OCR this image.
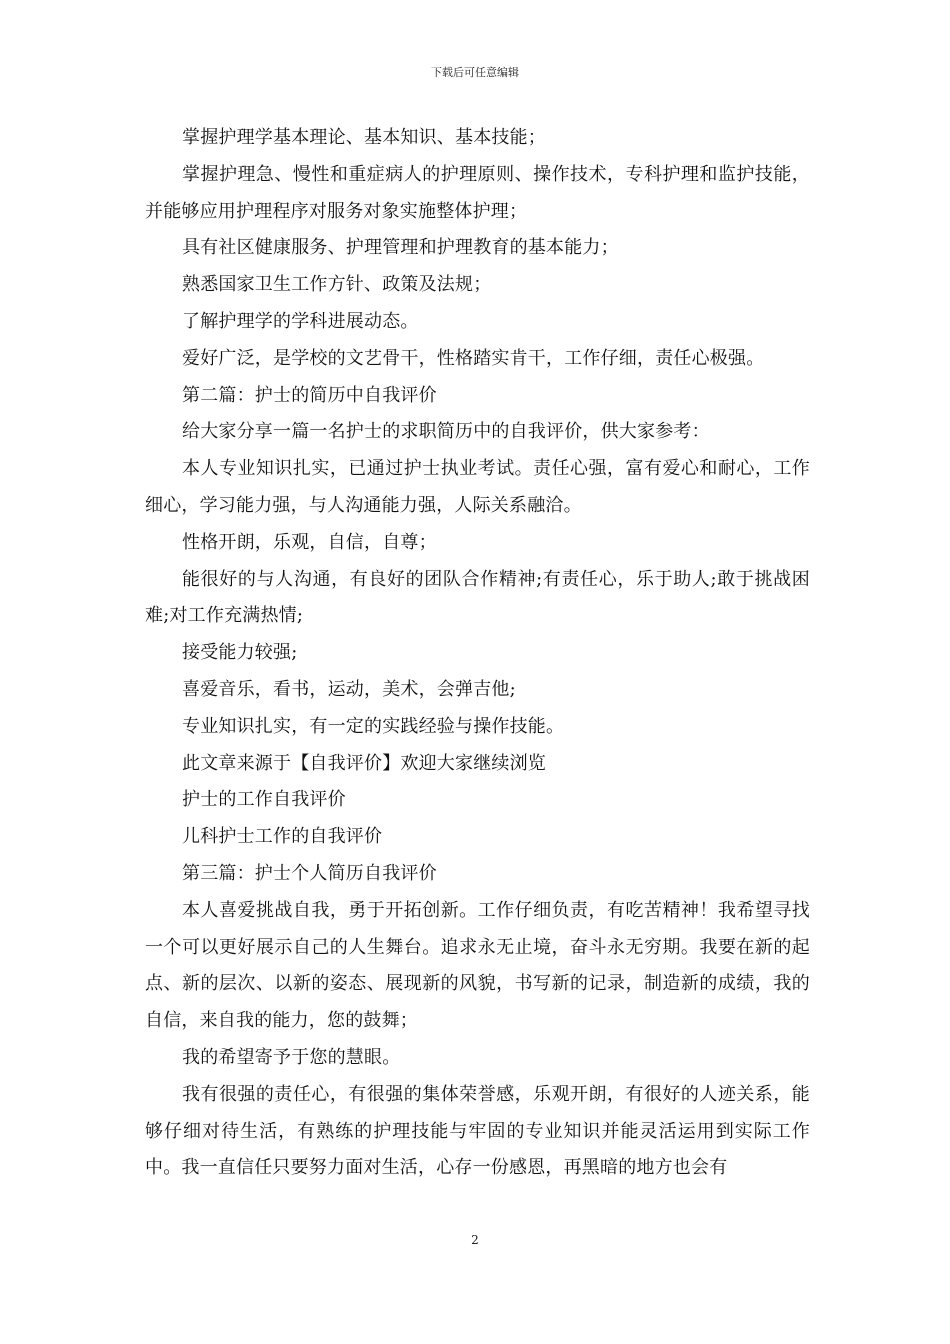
下载后可任意编辑

掌握护理学基本理论、基本知识、基本技能；

掌握护理急、慢性和重症病人的护理原则、操作技术，专科护理和监护技能，并能够应用护理程序对服务对象实施整体护理；

具有社区健康服务、护理管理和护理教育的基本能力；

熟悉国家卫生工作方针、政策及法规；

了解护理学的学科进展动态。

爱好广泛，是学校的文艺骨干，性格踏实肯干，工作仔细，责任心极强。

第二篇：护士的简历中自我评价

给大家分享一篇一名护士的求职简历中的自我评价，供大家参考：

本人专业知识扎实，已通过护士执业考试。责任心强，富有爱心和耐心，工作细心，学习能力强，与人沟通能力强，人际关系融洽。

性格开朗，乐观，自信，自尊；

能很好的与人沟通，有良好的团队合作精神;有责任心，乐于助人;敢于挑战困难;对工作充满热情;

接受能力较强;

喜爱音乐，看书，运动，美术，会弹吉他;

专业知识扎实，有一定的实践经验与操作技能。

此文章来源于【自我评价】欢迎大家继续浏览

护士的工作自我评价

儿科护士工作的自我评价

第三篇：护士个人简历自我评价

本人喜爱挑战自我，勇于开拓创新。工作仔细负责，有吃苦精神！我希望寻找一个可以更好展示自己的人生舞台。追求永无止境，奋斗永无穷期。我要在新的起点、新的层次、以新的姿态、展现新的风貌，书写新的记录，制造新的成绩，我的自信，来自我的能力，您的鼓舞；

我的希望寄予于您的慧眼。

我有很强的责任心，有很强的集体荣誉感，乐观开朗，有很好的人迹关系，能够仔细对待生活，有熟练的护理技能与牢固的专业知识并能灵活运用到实际工作中。我一直信任只要努力面对生活，心存一份感恩，再黑暗的地方也会有

2
